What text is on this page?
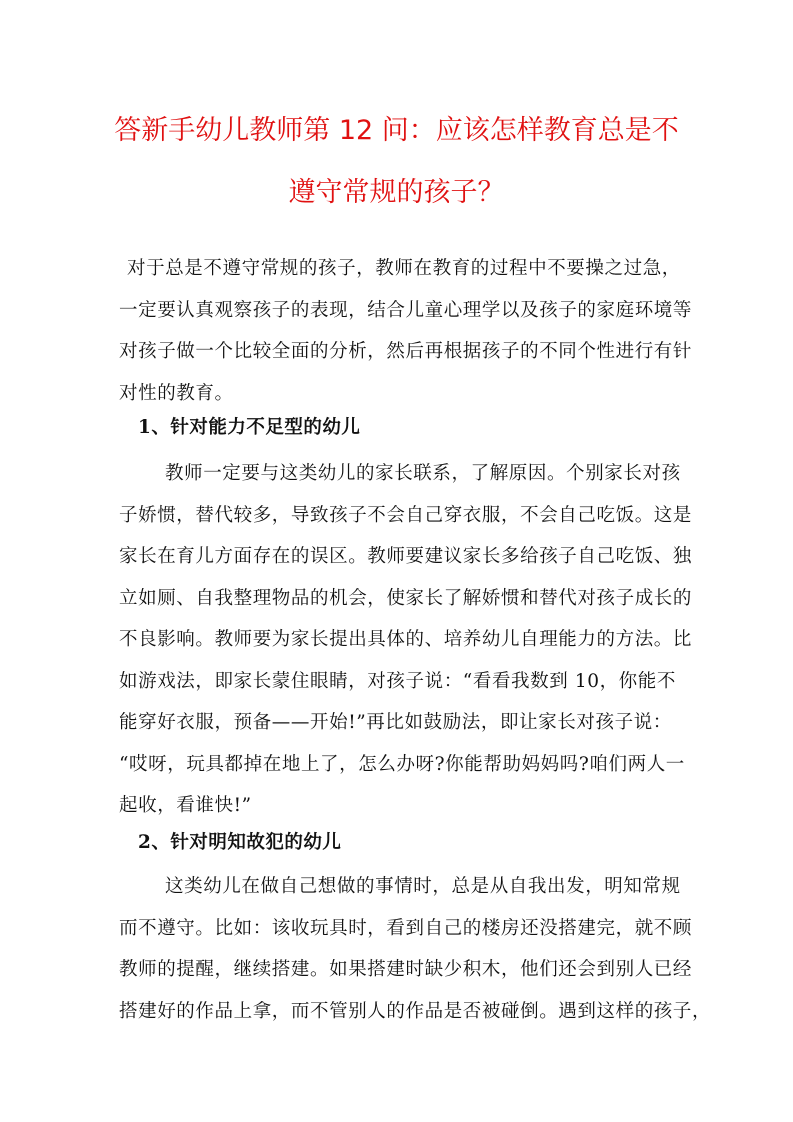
答新手幼儿教师第 12 问：应该怎样教育总是不
遵守常规的孩子？
对于总是不遵守常规的孩子，教师在教育的过程中不要操之过急，
一定要认真观察孩子的表现，结合儿童心理学以及孩子的家庭环境等
对孩子做一个比较全面的分析，然后再根据孩子的不同个性进行有针
对性的教育。
1、针对能力不足型的幼儿
教师一定要与这类幼儿的家长联系，了解原因。个别家长对孩
子娇惯，替代较多，导致孩子不会自己穿衣服，不会自己吃饭。这是
家长在育儿方面存在的误区。教师要建议家长多给孩子自己吃饭、独
立如厕、自我整理物品的机会，使家长了解娇惯和替代对孩子成长的
不良影响。教师要为家长提出具体的、培养幼儿自理能力的方法。比
如游戏法，即家长蒙住眼睛，对孩子说：“看看我数到 10，你能不
能穿好衣服，预备——开始!”再比如鼓励法，即让家长对孩子说：
“哎呀，玩具都掉在地上了，怎么办呀?你能帮助妈妈吗?咱们两人一
起收，看谁快!”
2、针对明知故犯的幼儿
这类幼儿在做自己想做的事情时，总是从自我出发，明知常规
而不遵守。比如：该收玩具时，看到自己的楼房还没搭建完，就不顾
教师的提醒，继续搭建。如果搭建时缺少积木，他们还会到别人已经
搭建好的作品上拿，而不管别人的作品是否被碰倒。遇到这样的孩子，
